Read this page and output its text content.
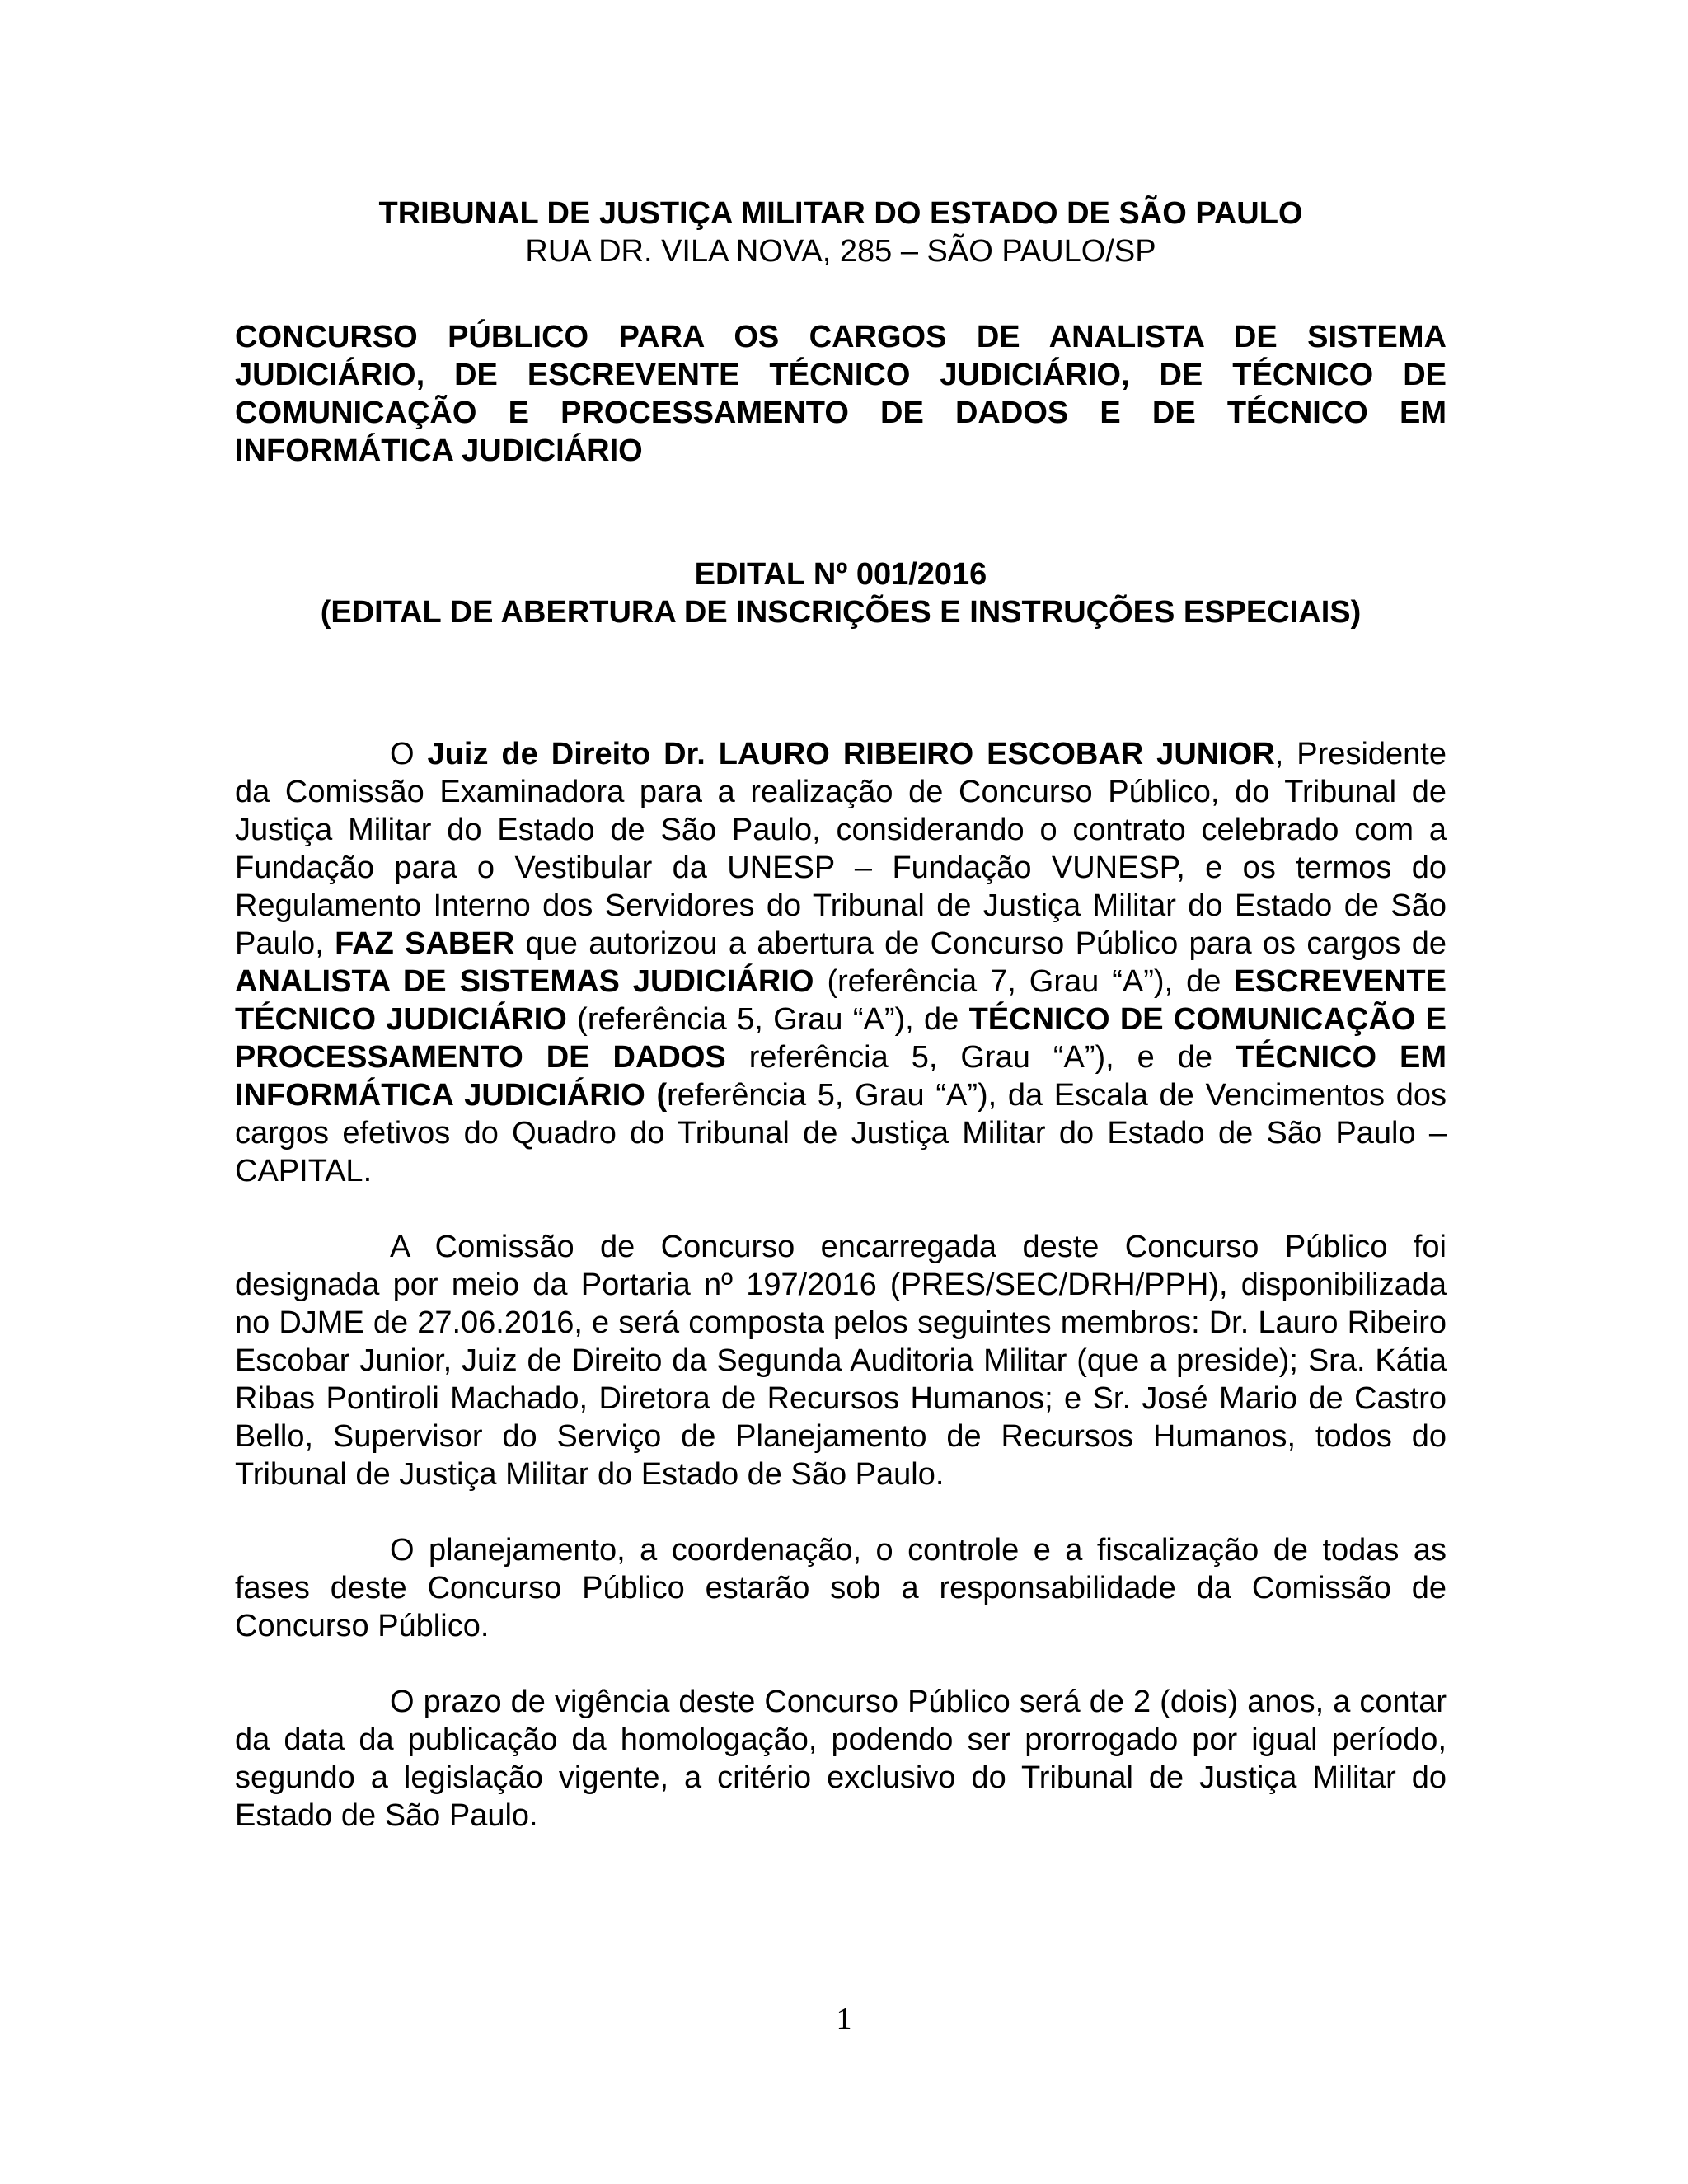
TRIBUNAL DE JUSTIÇA MILITAR DO ESTADO DE SÃO PAULO
RUA DR. VILA NOVA, 285 – SÃO PAULO/SP
CONCURSO PÚBLICO PARA OS CARGOS DE ANALISTA DE SISTEMA JUDICIÁRIO, DE ESCREVENTE TÉCNICO JUDICIÁRIO, DE TÉCNICO DE COMUNICAÇÃO E PROCESSAMENTO DE DADOS E DE TÉCNICO EM INFORMÁTICA JUDICIÁRIO
EDITAL Nº 001/2016
(EDITAL DE ABERTURA DE INSCRIÇÕES E INSTRUÇÕES ESPECIAIS)

O Juiz de Direito Dr. LAURO RIBEIRO ESCOBAR JUNIOR, Presidente da Comissão Examinadora para a realização de Concurso Público, do Tribunal de Justiça Militar do Estado de São Paulo, considerando o contrato celebrado com a Fundação para o Vestibular da UNESP – Fundação VUNESP, e os termos do Regulamento Interno dos Servidores do Tribunal de Justiça Militar do Estado de São Paulo, FAZ SABER que autorizou a abertura de Concurso Público para os cargos de ANALISTA DE SISTEMAS JUDICIÁRIO (referência 7, Grau “A”), de ESCREVENTE TÉCNICO JUDICIÁRIO (referência 5, Grau “A”), de TÉCNICO DE COMUNICAÇÃO E PROCESSAMENTO DE DADOS referência 5, Grau “A”), e de TÉCNICO EM INFORMÁTICA JUDICIÁRIO (referência 5, Grau “A”), da Escala de Vencimentos dos cargos efetivos do Quadro do Tribunal de Justiça Militar do Estado de São Paulo – CAPITAL.

A Comissão de Concurso encarregada deste Concurso Público foi designada por meio da Portaria nº 197/2016 (PRES/SEC/DRH/PPH), disponibilizada no DJME de 27.06.2016, e será composta pelos seguintes membros: Dr. Lauro Ribeiro Escobar Junior, Juiz de Direito da Segunda Auditoria Militar (que a preside); Sra. Kátia Ribas Pontiroli Machado, Diretora de Recursos Humanos; e Sr. José Mario de Castro Bello, Supervisor do Serviço de Planejamento de Recursos Humanos, todos do Tribunal de Justiça Militar do Estado de São Paulo.

O planejamento, a coordenação, o controle e a fiscalização de todas as fases deste Concurso Público estarão sob a responsabilidade da Comissão de Concurso Público.

O prazo de vigência deste Concurso Público será de 2 (dois) anos, a contar da data da publicação da homologação, podendo ser prorrogado por igual período, segundo a legislação vigente, a critério exclusivo do Tribunal de Justiça Militar do Estado de São Paulo.

1
